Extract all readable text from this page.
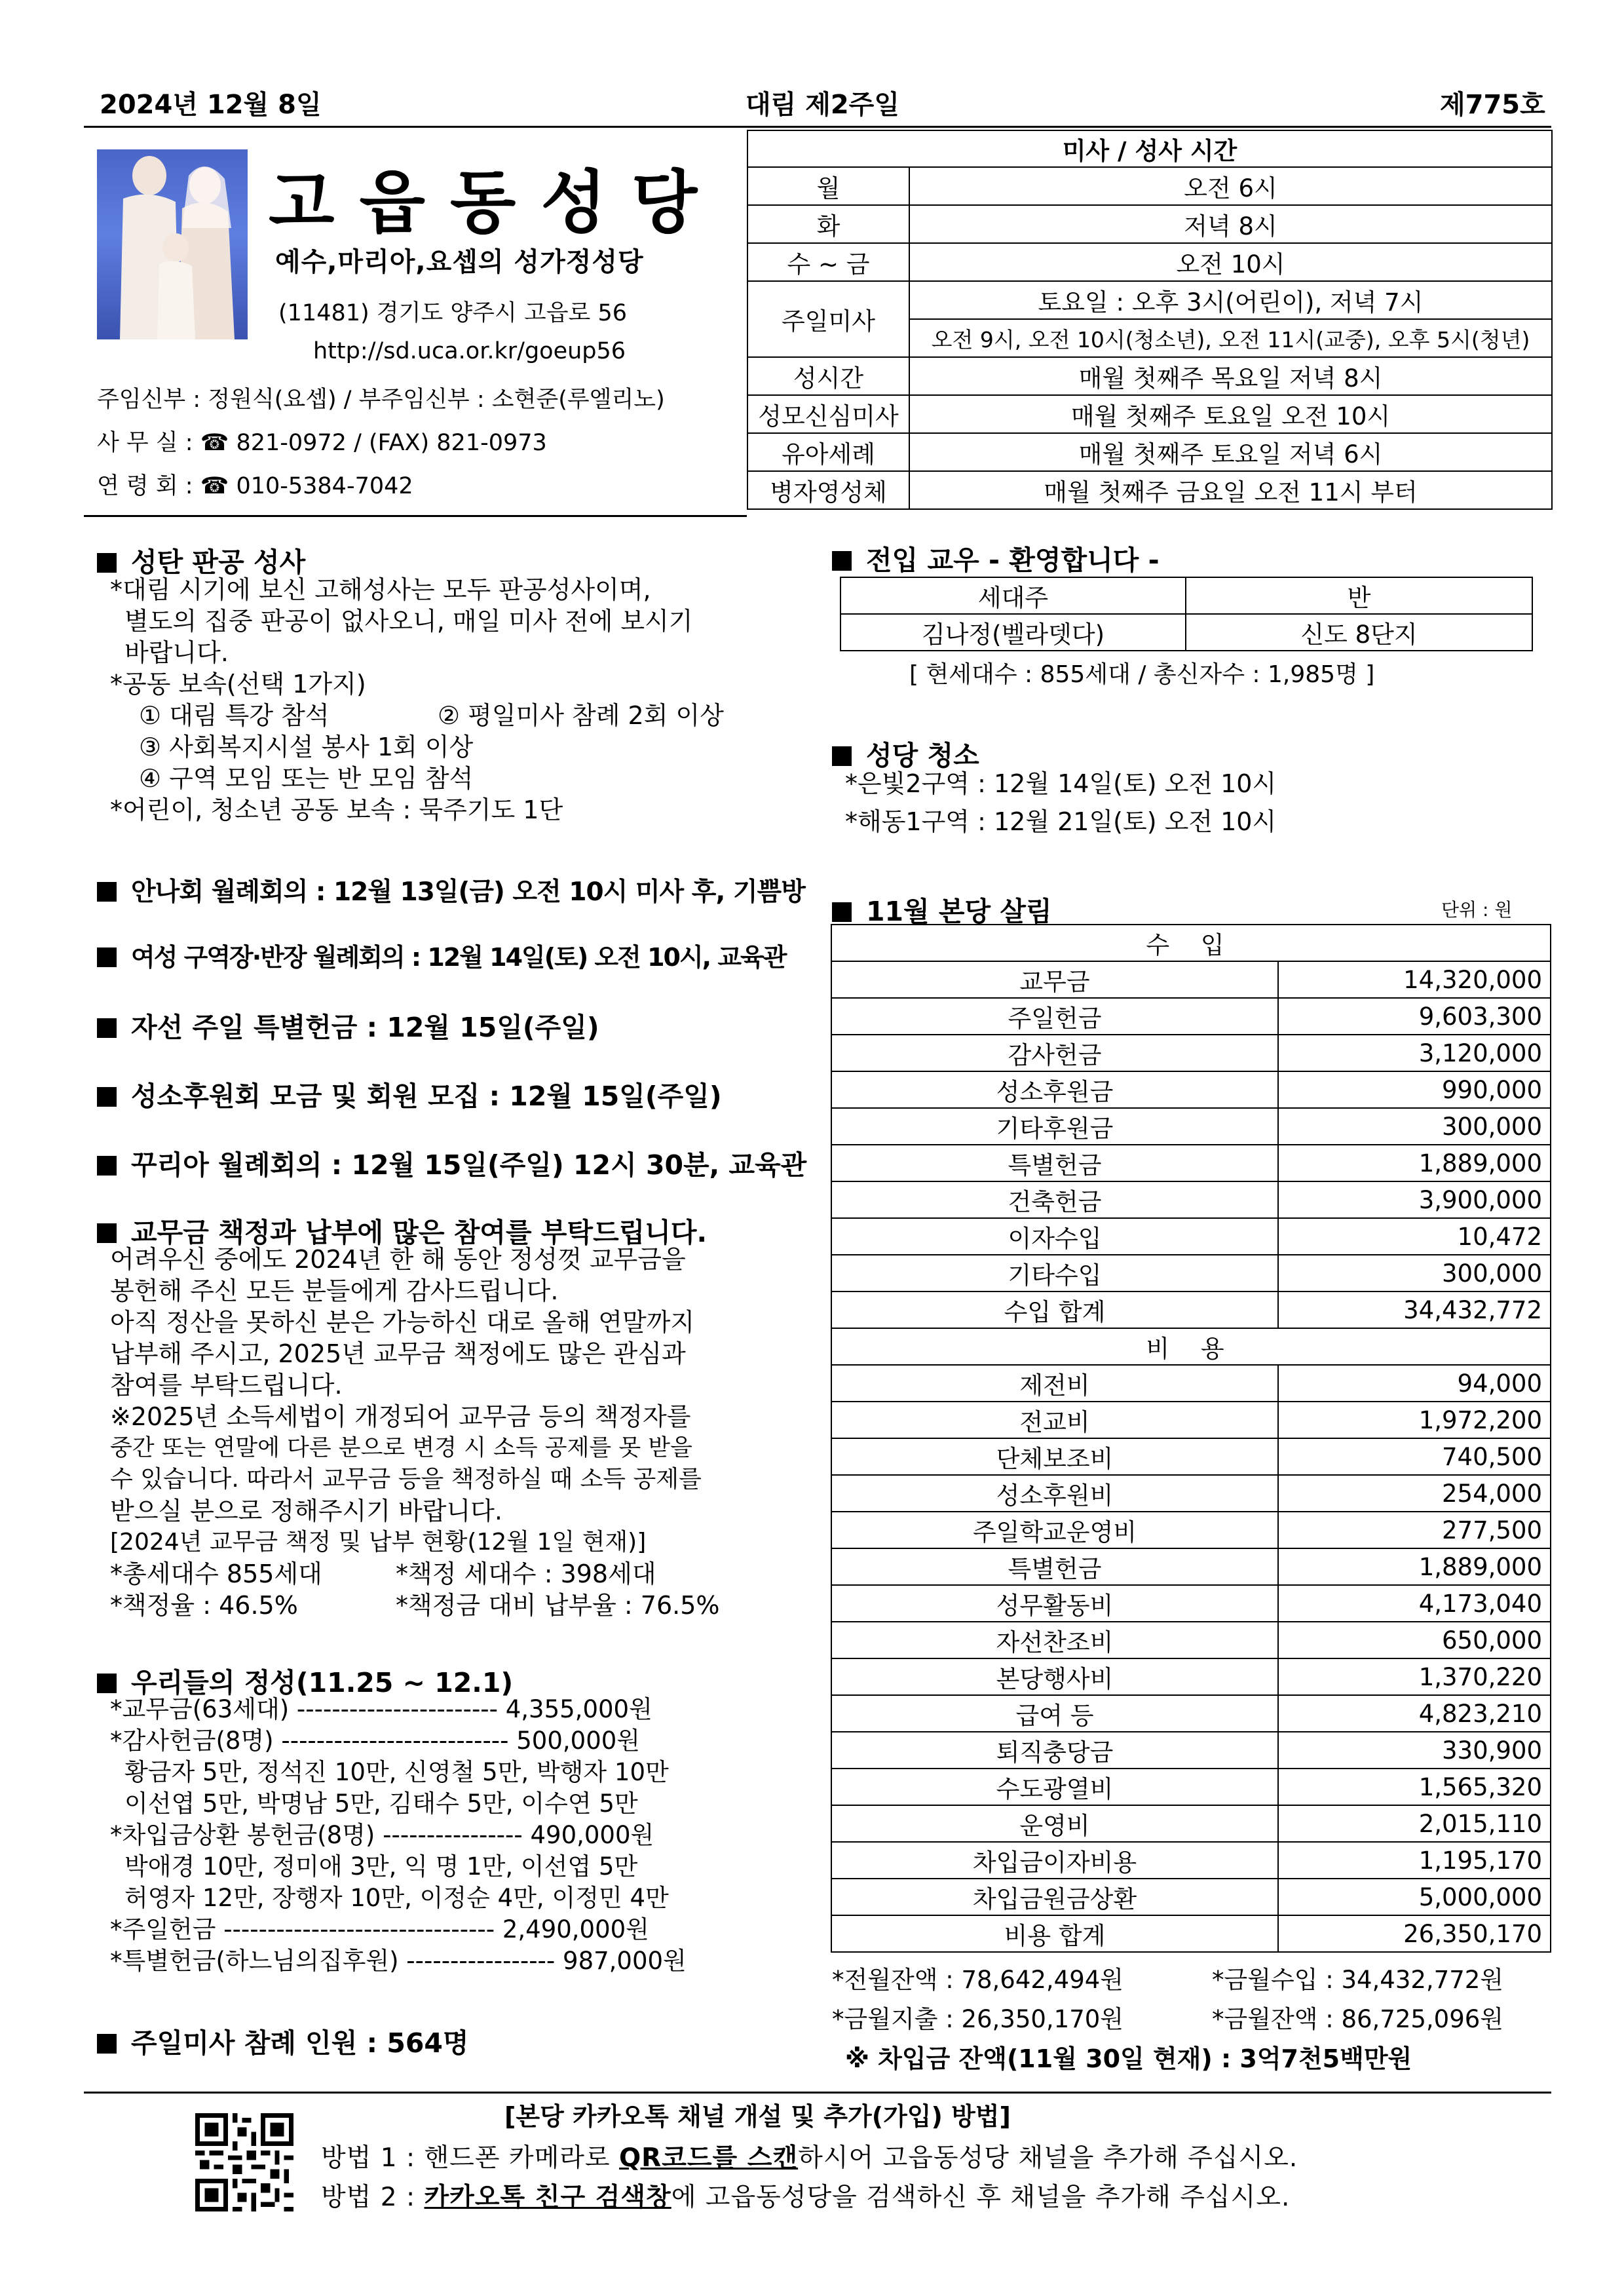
2024년 12월 8일	대림 제2주일	제775호
고읍동성당
예수,마리아,요셉의 성가정성당
(11481) 경기도 양주시 고읍로 56
http://sd.uca.or.kr/goeup56
주임신부 : 정원식(요셉) / 부주임신부 : 소현준(루엘리노)
사 무 실 : ☎ 821-0972 / (FAX) 821-0973
연 령 회 : ☎ 010-5384-7042
미사 / 성사 시간	
월	오전 6시
화	저녁 8시
수 ~ 금	오전 10시
주일미사	토요일 : 오후 3시(어린이), 저녁 7시
	오전 9시, 오전 10시(청소년), 오전 11시(교중), 오후 5시(청년)
성시간	매월 첫째주 목요일 저녁 8시
성모신심미사	매월 첫째주 토요일 오전 10시
유아세례	매월 첫째주 토요일 저녁 6시
병자영성체	매월 첫째주 금요일 오전 11시 부터
성탄 판공 성사
*대림 시기에 보신 고해성사는 모두 판공성사이며,
별도의 집중 판공이 없사오니, 매일 미사 전에 보시기
바랍니다.
*공동 보속(선택 1가지)
① 대림 특강 참석	② 평일미사 참례 2회 이상
③ 사회복지시설 봉사 1회 이상
④ 구역 모임 또는 반 모임 참석
*어린이, 청소년 공동 보속 : 묵주기도 1단
안나회 월례회의 : 12월 13일(금) 오전 10시 미사 후, 기쁨방
여성 구역장·반장 월례회의 : 12월 14일(토) 오전 10시, 교육관
자선 주일 특별헌금 : 12월 15일(주일)
성소후원회 모금 및 회원 모집 : 12월 15일(주일)
꾸리아 월례회의 : 12월 15일(주일) 12시 30분, 교육관
교무금 책정과 납부에 많은 참여를 부탁드립니다.
어려우신 중에도 2024년 한 해 동안 정성껏 교무금을
봉헌해 주신 모든 분들에게 감사드립니다.
아직 정산을 못하신 분은 가능하신 대로 올해 연말까지
납부해 주시고, 2025년 교무금 책정에도 많은 관심과
참여를 부탁드립니다.
※2025년 소득세법이 개정되어 교무금 등의 책정자를
중간 또는 연말에 다른 분으로 변경 시 소득 공제를 못 받을
수 있습니다. 따라서 교무금 등을 책정하실 때 소득 공제를
받으실 분으로 정해주시기 바랍니다.
[2024년 교무금 책정 및 납부 현황(12월 1일 현재)]
*총세대수 855세대	*책정 세대수 : 398세대
*책정율 : 46.5%	*책정금 대비 납부율 : 76.5%
우리들의 정성(11.25 ~ 12.1)
*교무금(63세대) ----------------------- 4,355,000원
*감사헌금(8명) -------------------------- 500,000원
황금자 5만, 정석진 10만, 신영철 5만, 박행자 10만
이선엽 5만, 박명남 5만, 김태수 5만, 이수연 5만
*차입금상환 봉헌금(8명) ---------------- 490,000원
박애경 10만, 정미애 3만, 익 명 1만, 이선엽 5만
허영자 12만, 장행자 10만, 이정순 4만, 이정민 4만
*주일헌금 ------------------------------- 2,490,000원
*특별헌금(하느님의집후원) ----------------- 987,000원
주일미사 참례 인원 : 564명
전입 교우 - 환영합니다 -
세대주	반
김나정(벨라뎃다)	신도 8단지
[ 현세대수 : 855세대 / 총신자수 : 1,985명 ]
성당 청소
*은빛2구역 : 12월 14일(토) 오전 10시
*해동1구역 : 12월 21일(토) 오전 10시
11월 본당 살림	단위 : 원
수 입	
교무금	14,320,000
주일헌금	9,603,300
감사헌금	3,120,000
성소후원금	990,000
기타후원금	300,000
특별헌금	1,889,000
건축헌금	3,900,000
이자수입	10,472
기타수입	300,000
수입 합계	34,432,772
비 용	
제전비	94,000
전교비	1,972,200
단체보조비	740,500
성소후원비	254,000
주일학교운영비	277,500
특별헌금	1,889,000
성무활동비	4,173,040
자선찬조비	650,000
본당행사비	1,370,220
급여 등	4,823,210
퇴직충당금	330,900
수도광열비	1,565,320
운영비	2,015,110
차입금이자비용	1,195,170
차입금원금상환	5,000,000
비용 합계	26,350,170
*전월잔액 : 78,642,494원	*금월수입 : 34,432,772원
*금월지출 : 26,350,170원	*금월잔액 : 86,725,096원
※ 차입금 잔액(11월 30일 현재) : 3억7천5백만원
[본당 카카오톡 채널 개설 및 추가(가입) 방법]
방법 1 : 핸드폰 카메라로 QR코드를 스캔하시어 고읍동성당 채널을 추가해 주십시오.
방법 2 : 카카오톡 친구 검색창에 고읍동성당을 검색하신 후 채널을 추가해 주십시오.
